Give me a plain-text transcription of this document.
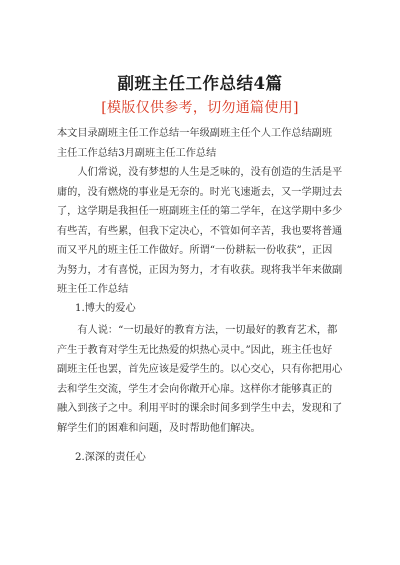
副班主任工作总结4篇
[模版仅供参考，切勿通篇使用]
本文目录副班主任工作总结一年级副班主任个人工作总结副班
主任工作总结3月副班主任工作总结
　　人们常说，没有梦想的人生是乏味的，没有创造的生活是平
庸的，没有燃烧的事业是无奈的。时光飞速逝去，又一学期过去
了，这学期是我担任一班副班主任的第二学年，在这学期中多少
有些苦，有些累，但我下定决心，不管如何辛苦，我也要将普通
而又平凡的班主任工作做好。所谓“一份耕耘一份收获”，正因
为努力，才有喜悦，正因为努力，才有收获。现将我半年来做副
班主任工作总结
1.博大的爱心
　　有人说：“一切最好的教育方法，一切最好的教育艺术，都
产生于教育对学生无比热爱的炽热心灵中。”因此，班主任也好
副班主任也罢，首先应该是爱学生的。以心交心，只有你把用心
去和学生交流，学生才会向你敞开心扉。这样你才能够真正的
融入到孩子之中。利用平时的课余时间多到学生中去，发现和了
解学生们的困难和问题，及时帮助他们解决。
2.深深的责任心
